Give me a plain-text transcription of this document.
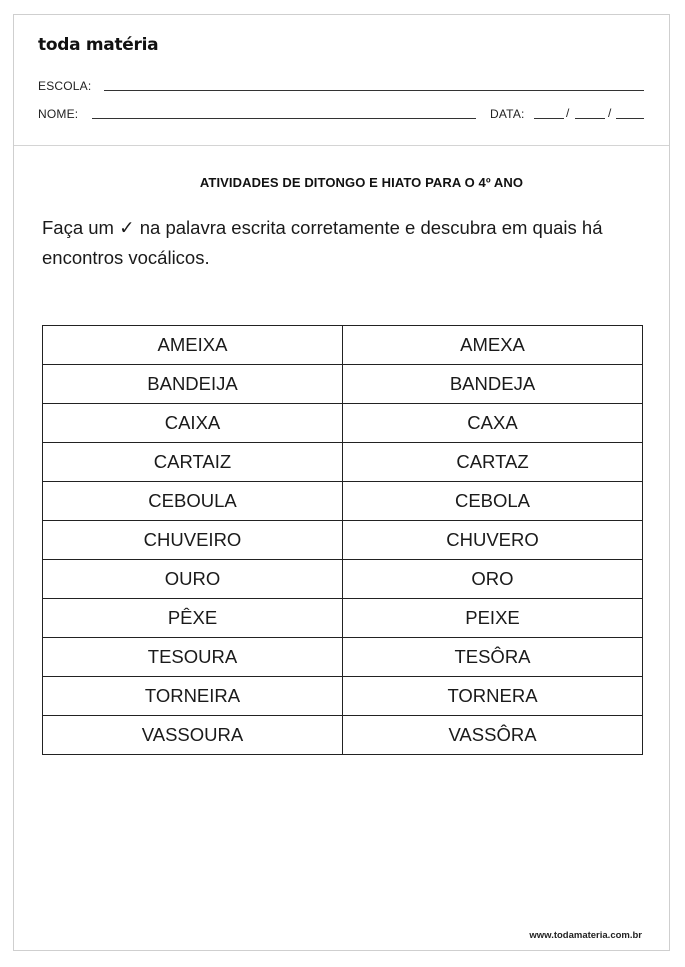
toda matéria
ESCOLA:
NOME:	DATA:	/	/
ATIVIDADES DE DITONGO E HIATO PARA O 4º ANO
Faça um ✓ na palavra escrita corretamente e descubra em quais há encontros vocálicos.
AMEIXA	AMEXA
BANDEIJA	BANDEJA
CAIXA	CAXA
CARTAIZ	CARTAZ
CEBOULA	CEBOLA
CHUVEIRO	CHUVERO
OURO	ORO
PÊXE	PEIXE
TESOURA	TESÔRA
TORNEIRA	TORNERA
VASSOURA	VASSÔRA
www.todamateria.com.br
